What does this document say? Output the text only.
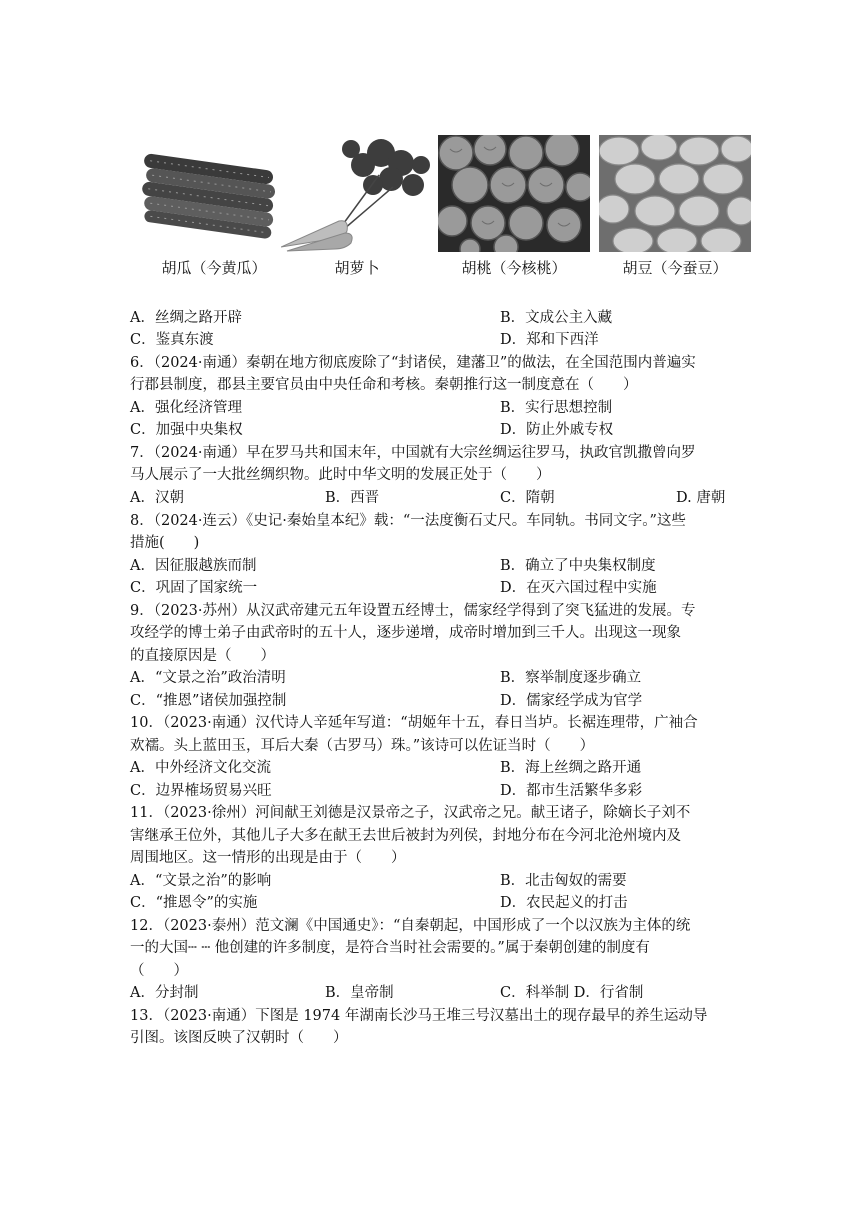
胡瓜（今黄瓜）	胡萝卜	胡桃（今核桃）	胡豆（今蚕豆）
A．丝绸之路开辟	B．文成公主入藏
C．鉴真东渡	D．郑和下西洋
6．（2024·南通）秦朝在地方彻底废除了“封诸侯，建藩卫”的做法，在全国范围内普遍实
行郡县制度，郡县主要官员由中央任命和考核。秦朝推行这一制度意在（　　）
A．强化经济管理	B．实行思想控制
C．加强中央集权	D．防止外戚专权
7．（2024·南通）早在罗马共和国末年，中国就有大宗丝绸运往罗马，执政官凯撒曾向罗
马人展示了一大批丝绸织物。此时中华文明的发展正处于（　　）
A．汉朝	B．西晋	C．隋朝	D. 唐朝
8．（2024·连云）《史记·秦始皇本纪》载：“一法度衡石丈尺。车同轨。书同文字。”这些
措施(　　)
A．因征服越族而制	B．确立了中央集权制度
C．巩固了国家统一	D．在灭六国过程中实施
9．（2023·苏州）从汉武帝建元五年设置五经博士，儒家经学得到了突飞猛进的发展。专
攻经学的博士弟子由武帝时的五十人，逐步递增，成帝时增加到三千人。出现这一现象
的直接原因是（　　）
A．“文景之治”政治清明	B．察举制度逐步确立
C．“推恩”诸侯加强控制	D．儒家经学成为官学
10．（2023·南通）汉代诗人辛延年写道：“胡姬年十五，春日当垆。长裾连理带，广袖合
欢襦。头上蓝田玉，耳后大秦（古罗马）珠。”该诗可以佐证当时（　　）
A．中外经济文化交流	B．海上丝绸之路开通
C．边界榷场贸易兴旺	D．都市生活繁华多彩
11．（2023·徐州）河间献王刘德是汉景帝之子，汉武帝之兄。献王诸子，除嫡长子刘不
害继承王位外，其他儿子大多在献王去世后被封为列侯，封地分布在今河北沧州境内及
周围地区。这一情形的出现是由于（　　）
A．“文景之治”的影响	B．北击匈奴的需要
C．“推恩令”的实施	D．农民起义的打击
12．（2023·泰州）范文澜《中国通史》：“自秦朝起，中国形成了一个以汉族为主体的统
一的大国┄ ┄ 他创建的许多制度，是符合当时社会需要的。”属于秦朝创建的制度有
（　　）
A．分封制	B．皇帝制	C．科举制 D．行省制
13．（2023·南通）下图是 1974 年湖南长沙马王堆三号汉墓出土的现存最早的养生运动导
引图。该图反映了汉朝时（　　）
